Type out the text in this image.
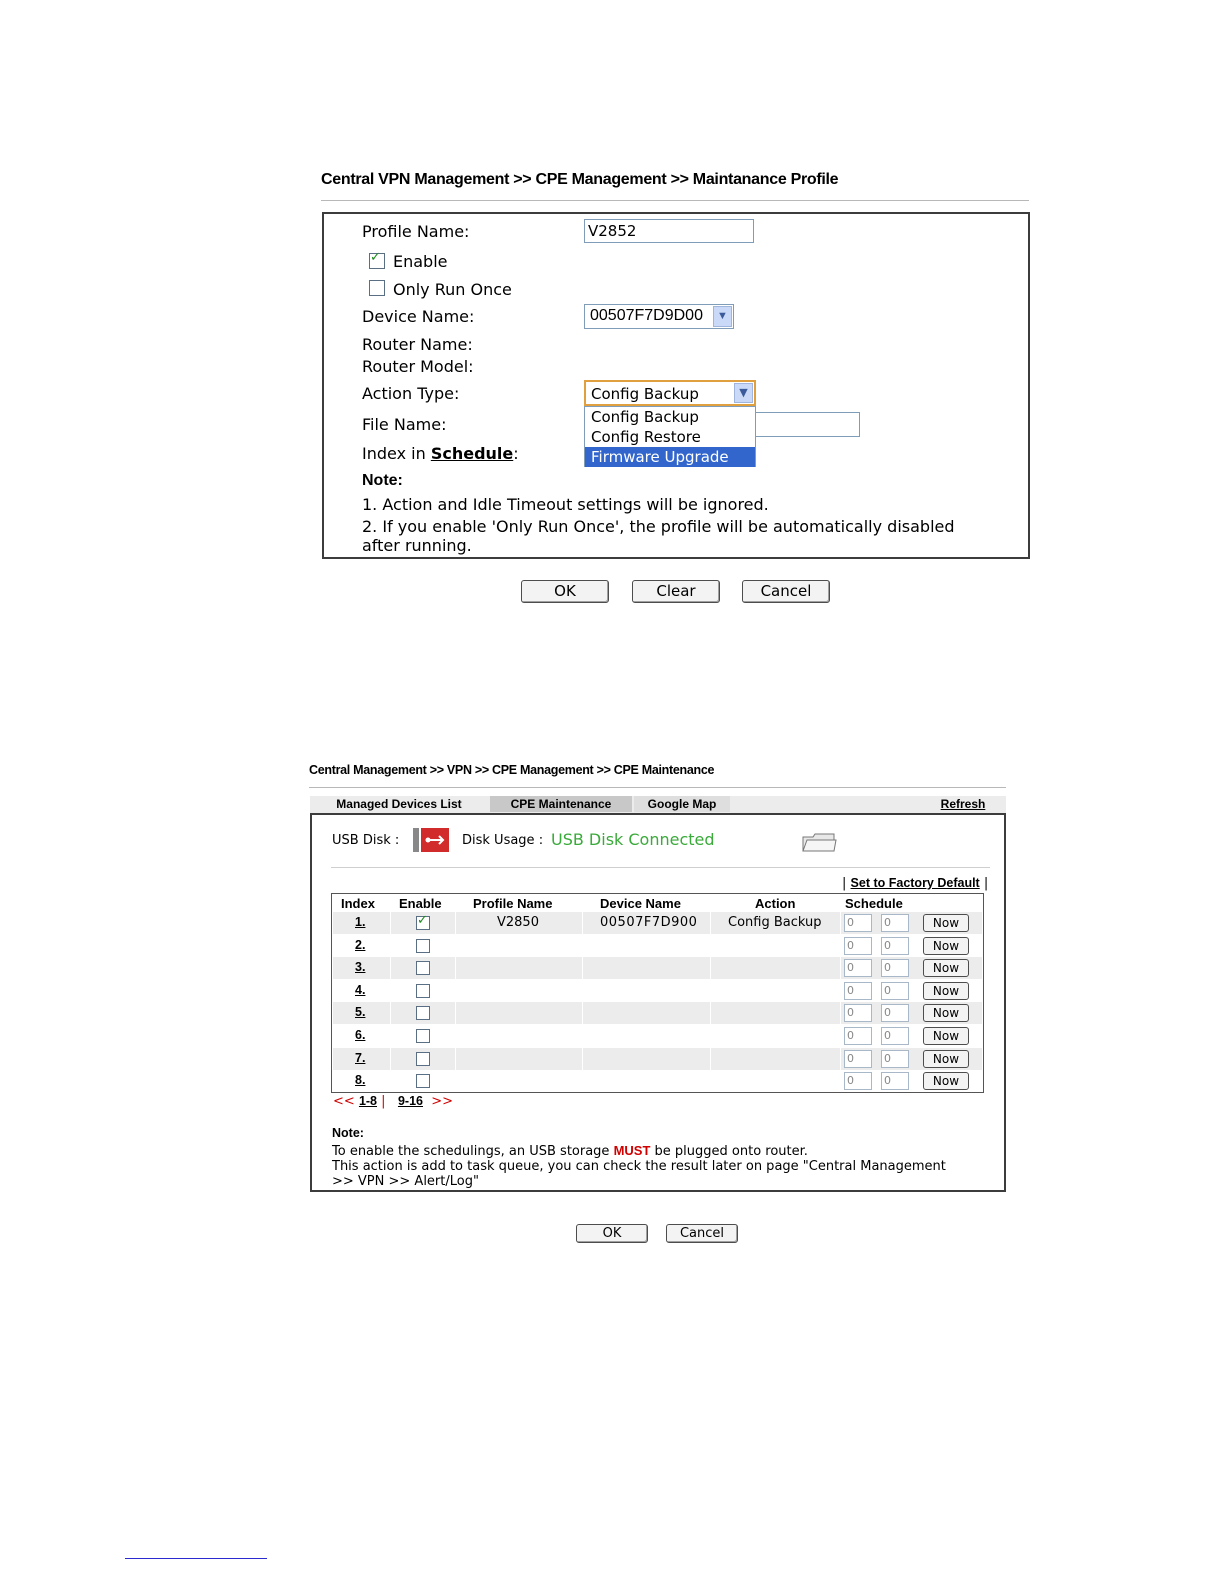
Central VPN Management >> CPE Management >> Maintanance Profile
Profile Name:	V2852
✓
Enable
Only Run Once
Device Name:	00507F7D9D00	▼
Router Name:
Router Model:
Action Type:	Config Backup	▼
File Name:	Config Backup
Config Restore
Firmware Upgrade
Index in Schedule:
Note:
1. Action and Idle Timeout settings will be ignored.
2. If you enable 'Only Run Once', the profile will be automatically disabled
after running.
OK	Clear	Cancel
Central Management >> VPN >> CPE Management >> CPE Maintenance
Managed Devices List	CPE Maintenance	Google Map	Refresh
USB Disk :	Disk Usage : USB Disk Connected
| Set to Factory Default |
Index Enable Profile Name	Device Name	Action	Schedule
1.
✓	V2850	00507F7D900 Config Backup 0	0	Now
2.	0	0	Now
3.	0	0	Now
4.	0	0	Now
5.	0	0	Now
6.	0	0	Now
7.	0	0	Now
8.	0	0	Now
<< 1-8 | 9-16 >>
Note:
To enable the schedulings, an USB storage MUST be plugged onto router.
This action is add to task queue, you can check the result later on page "Central Management
>> VPN >> Alert/Log"
OK	Cancel
